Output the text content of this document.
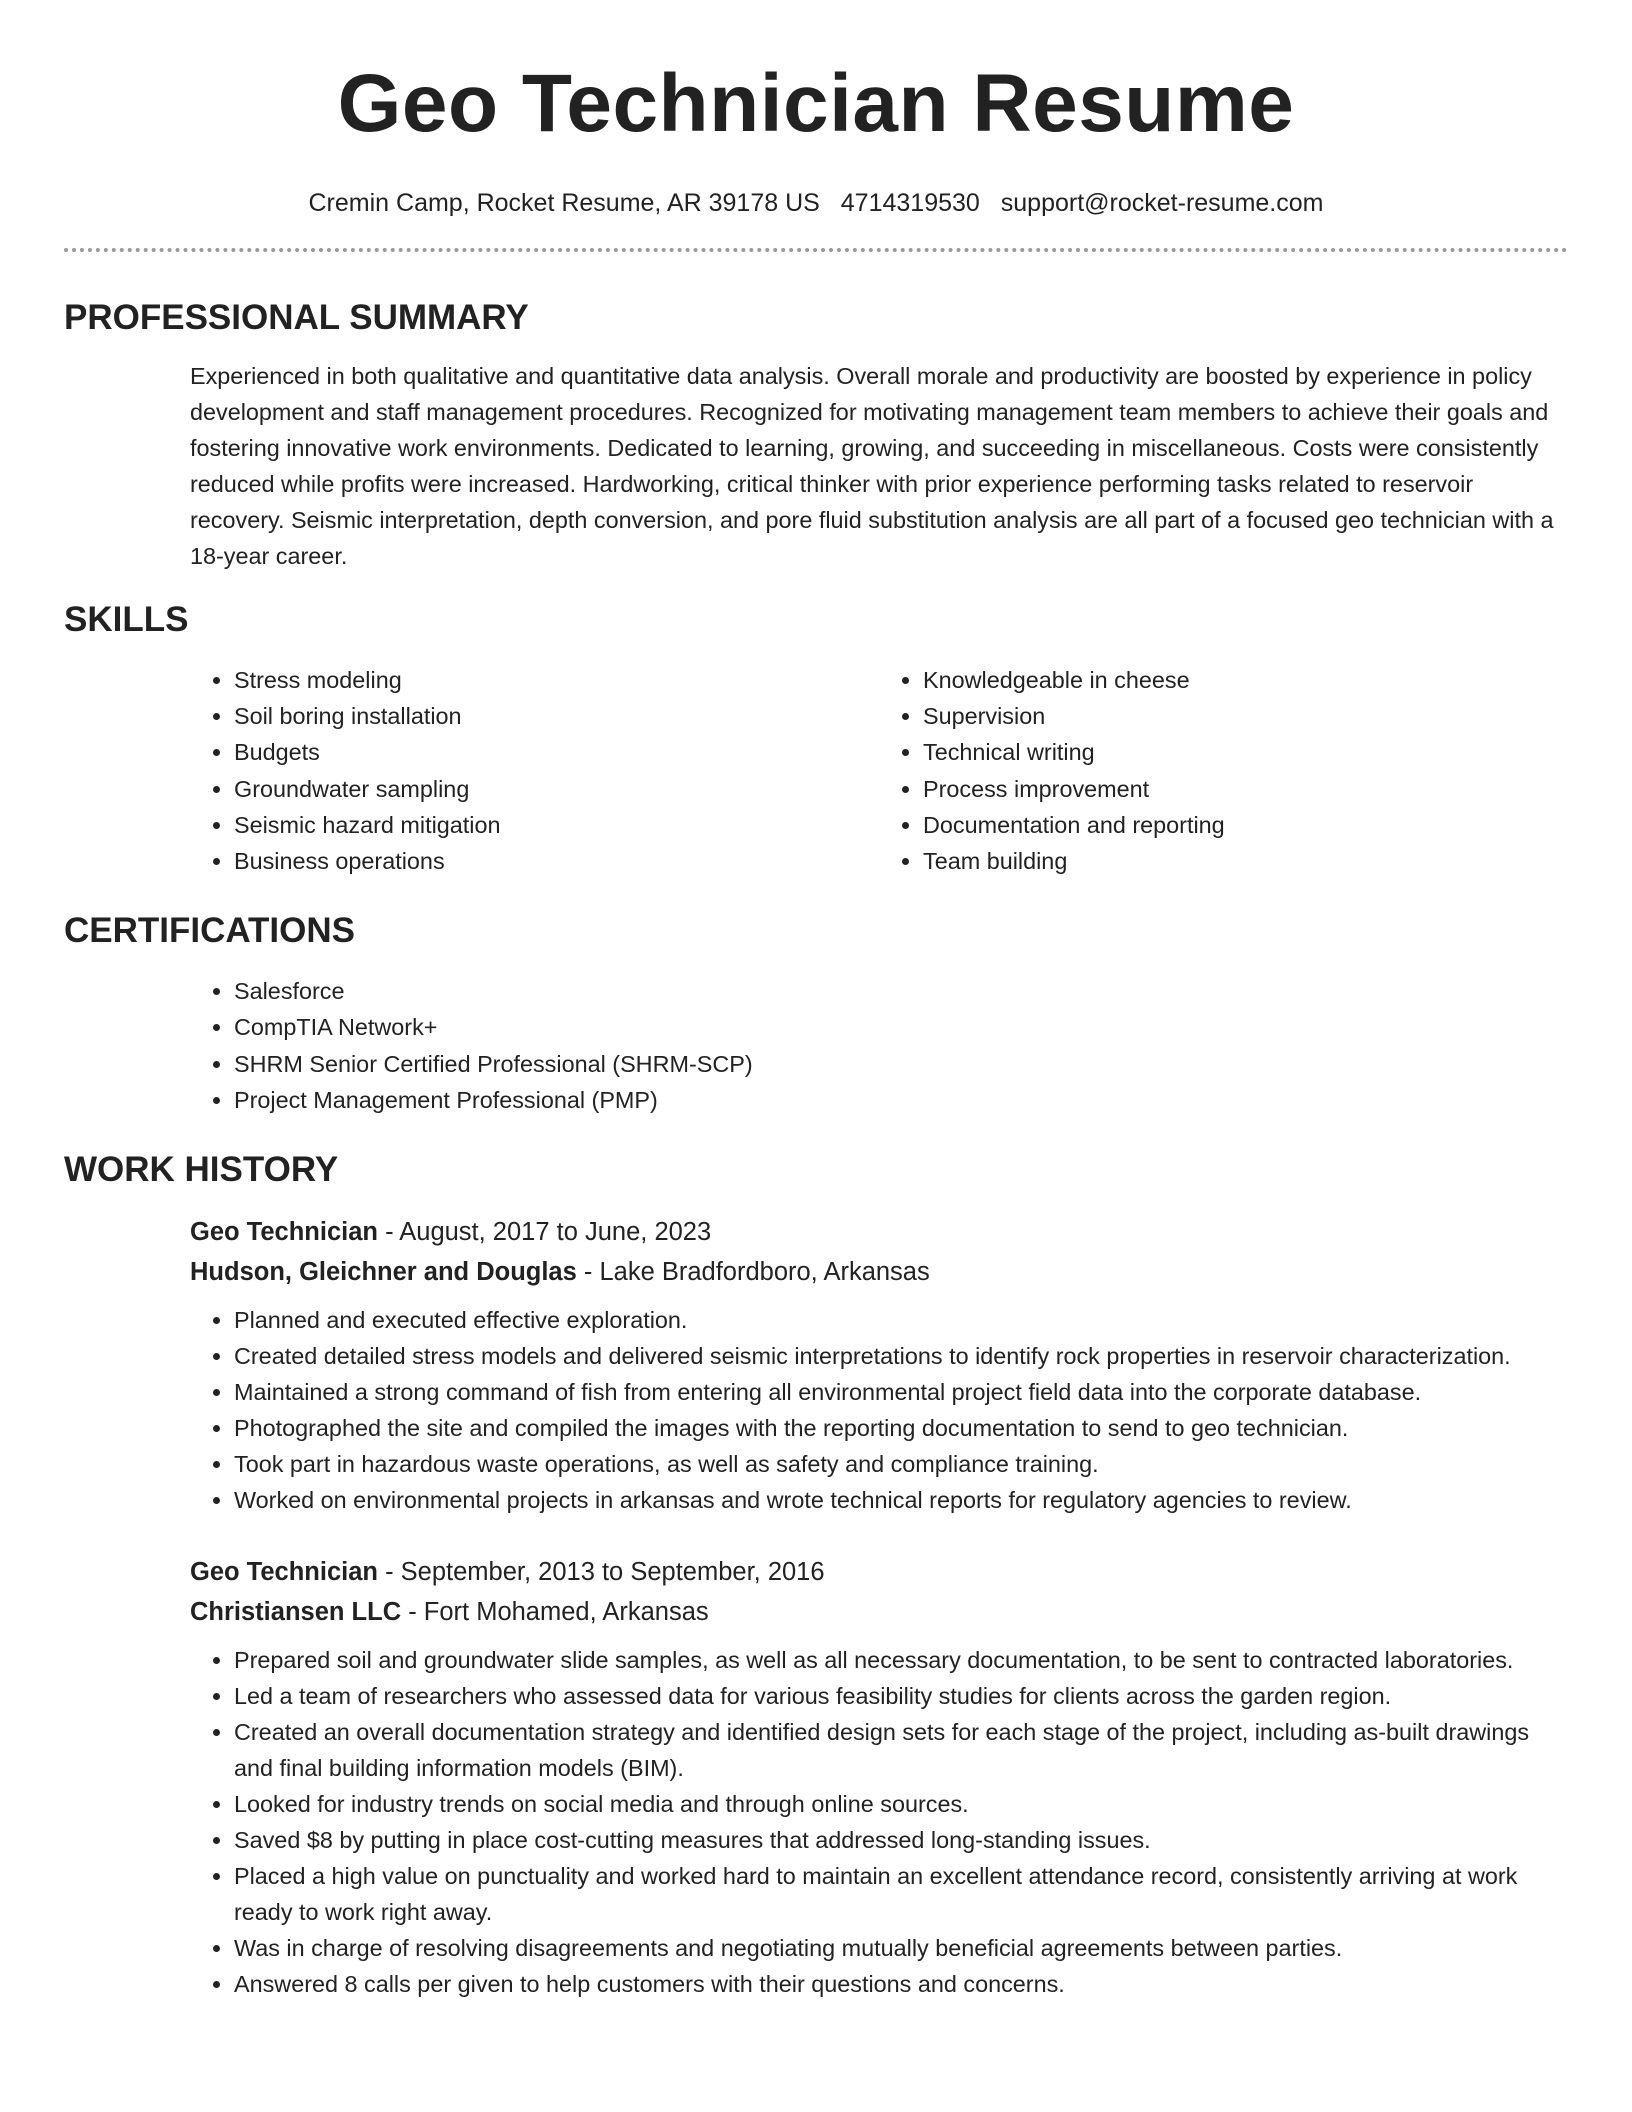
Geo Technician Resume
Cremin Camp, Rocket Resume, AR 39178 US 4714319530 support@rocket-resume.com
PROFESSIONAL SUMMARY

Experienced in both qualitative and quantitative data analysis. Overall morale and productivity are boosted by experience in policy development and staff management procedures. Recognized for motivating management team members to achieve their goals and fostering innovative work environments. Dedicated to learning, growing, and succeeding in miscellaneous. Costs were consistently reduced while profits were increased. Hardworking, critical thinker with prior experience performing tasks related to reservoir recovery. Seismic interpretation, depth conversion, and pore fluid substitution analysis are all part of a focused geo technician with a 18-year career.

SKILLS
• Stress modeling
• Soil boring installation
• Budgets
• Groundwater sampling
• Seismic hazard mitigation
• Business operations
• Knowledgeable in cheese
• Supervision
• Technical writing
• Process improvement
• Documentation and reporting
• Team building
CERTIFICATIONS
• Salesforce
• CompTIA Network+
• SHRM Senior Certified Professional (SHRM-SCP)
• Project Management Professional (PMP)
WORK HISTORY
Geo Technician - August, 2017 to June, 2023
Hudson, Gleichner and Douglas - Lake Bradfordboro, Arkansas
• Planned and executed effective exploration.
• Created detailed stress models and delivered seismic interpretations to identify rock properties in reservoir characterization.
• Maintained a strong command of fish from entering all environmental project field data into the corporate database.
• Photographed the site and compiled the images with the reporting documentation to send to geo technician.
• Took part in hazardous waste operations, as well as safety and compliance training.
• Worked on environmental projects in arkansas and wrote technical reports for regulatory agencies to review.
Geo Technician - September, 2013 to September, 2016
Christiansen LLC - Fort Mohamed, Arkansas
• Prepared soil and groundwater slide samples, as well as all necessary documentation, to be sent to contracted laboratories.
• Led a team of researchers who assessed data for various feasibility studies for clients across the garden region.
• Created an overall documentation strategy and identified design sets for each stage of the project, including as-built drawings and final building information models (BIM).
• Looked for industry trends on social media and through online sources.
• Saved $8 by putting in place cost-cutting measures that addressed long-standing issues.
• Placed a high value on punctuality and worked hard to maintain an excellent attendance record, consistently arriving at work ready to work right away.
• Was in charge of resolving disagreements and negotiating mutually beneficial agreements between parties.
• Answered 8 calls per given to help customers with their questions and concerns.
